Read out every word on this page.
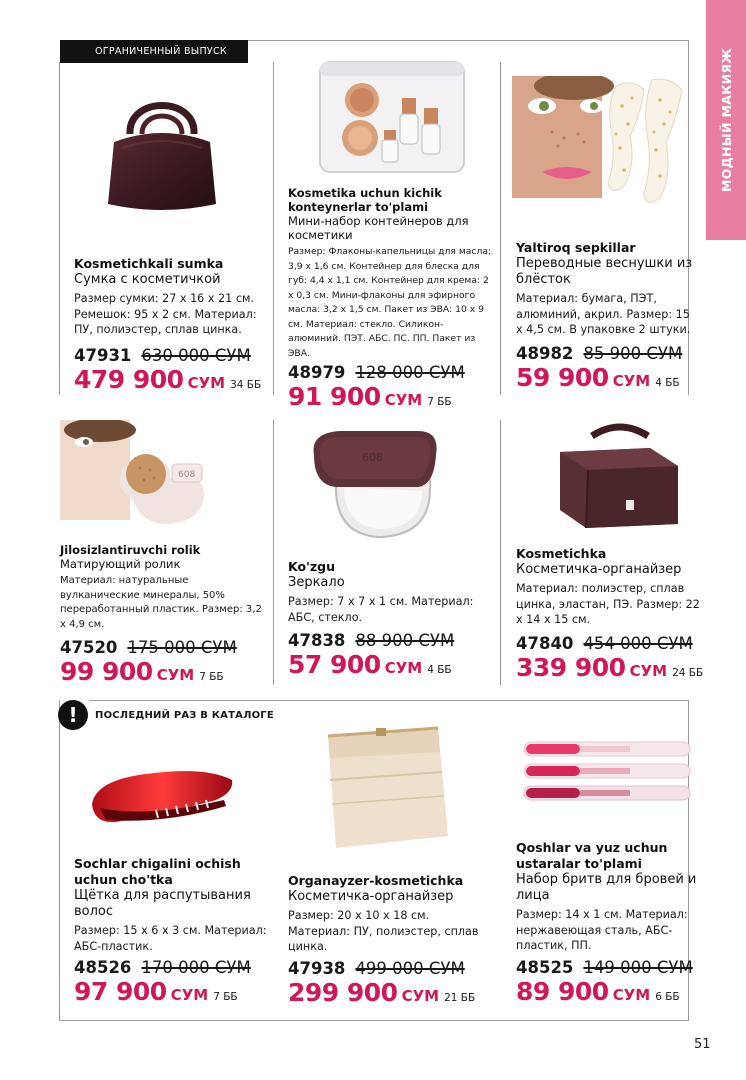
МОДНЫЙ МАКИЯЖ
ОГРАНИЧЕННЫЙ ВЫПУСК
Kosmetichkali sumka
Сумка с косметичкой
Размер сумки: 27 x 16 x 21 см. Ремешок: 95 x 2 см. Материал: ПУ, полиэстер, сплав цинка.
47931 630 000 СУМ
479 900 СУМ 34 ББ
Kosmetika uchun kichik konteynerlar to'plami
Мини-набор контейнеров для косметики
Размер: Флаконы-капельницы для масла: 3,9 x 1,6 см. Контейнер для блеска для губ: 4,4 x 1,1 см. Контейнер для крема: 2 x 0,3 см. Мини-флаконы для эфирного масла: 3,2 x 1,5 см. Пакет из ЭВА: 10 x 9 см. Материал: стекло. Силикон-алюминий. ПЭТ. АБС. ПС. ПП. Пакет из ЭВА.
48979 128 000 СУМ
91 900 СУМ 7 ББ
Yaltiroq sepkillar
Переводные веснушки из блёсток
Материал: бумага, ПЭТ, алюминий, акрил. Размер: 15 x 4,5 см. В упаковке 2 штуки.
48982 85 900 СУМ
59 900 СУМ 4 ББ
608
Jilosizlantiruvchi rolik
Матирующий ролик
Материал: натуральные вулканические минералы, 50% переработанный пластик. Размер: 3,2 x 4,9 см.
47520 175 000 СУМ
99 900 СУМ 7 ББ
608
Ko'zgu
Зеркало
Размер: 7 x 7 x 1 см. Материал: АБС, стекло.
47838 88 900 СУМ
57 900 СУМ 4 ББ
Kosmetichka
Косметичка-органайзер
Материал: полиэстер, сплав цинка, эластан, ПЭ. Размер: 22 x 14 x 15 см.
47840 454 000 СУМ
339 900 СУМ 24 ББ
!	ПОСЛЕДНИЙ РАЗ В КАТАЛОГЕ
Sochlar chigalini ochish uchun cho'tka
Щётка для распутывания волос
Размер: 15 x 6 x 3 см. Материал: АБС-пластик.
48526 170 000 СУМ
97 900 СУМ 7 ББ
Organayzer-kosmetichka
Косметичка-органайзер
Размер: 20 x 10 x 18 см. Материал: ПУ, полиэстер, сплав цинка.
47938 499 000 СУМ
299 900 СУМ 21 ББ
Qoshlar va yuz uchun ustaralar to'plami
Набор бритв для бровей и лица
Размер: 14 x 1 см. Материал: нержавеющая сталь, АБС-пластик, ПП.
48525 149 000 СУМ
89 900 СУМ 6 ББ
51
